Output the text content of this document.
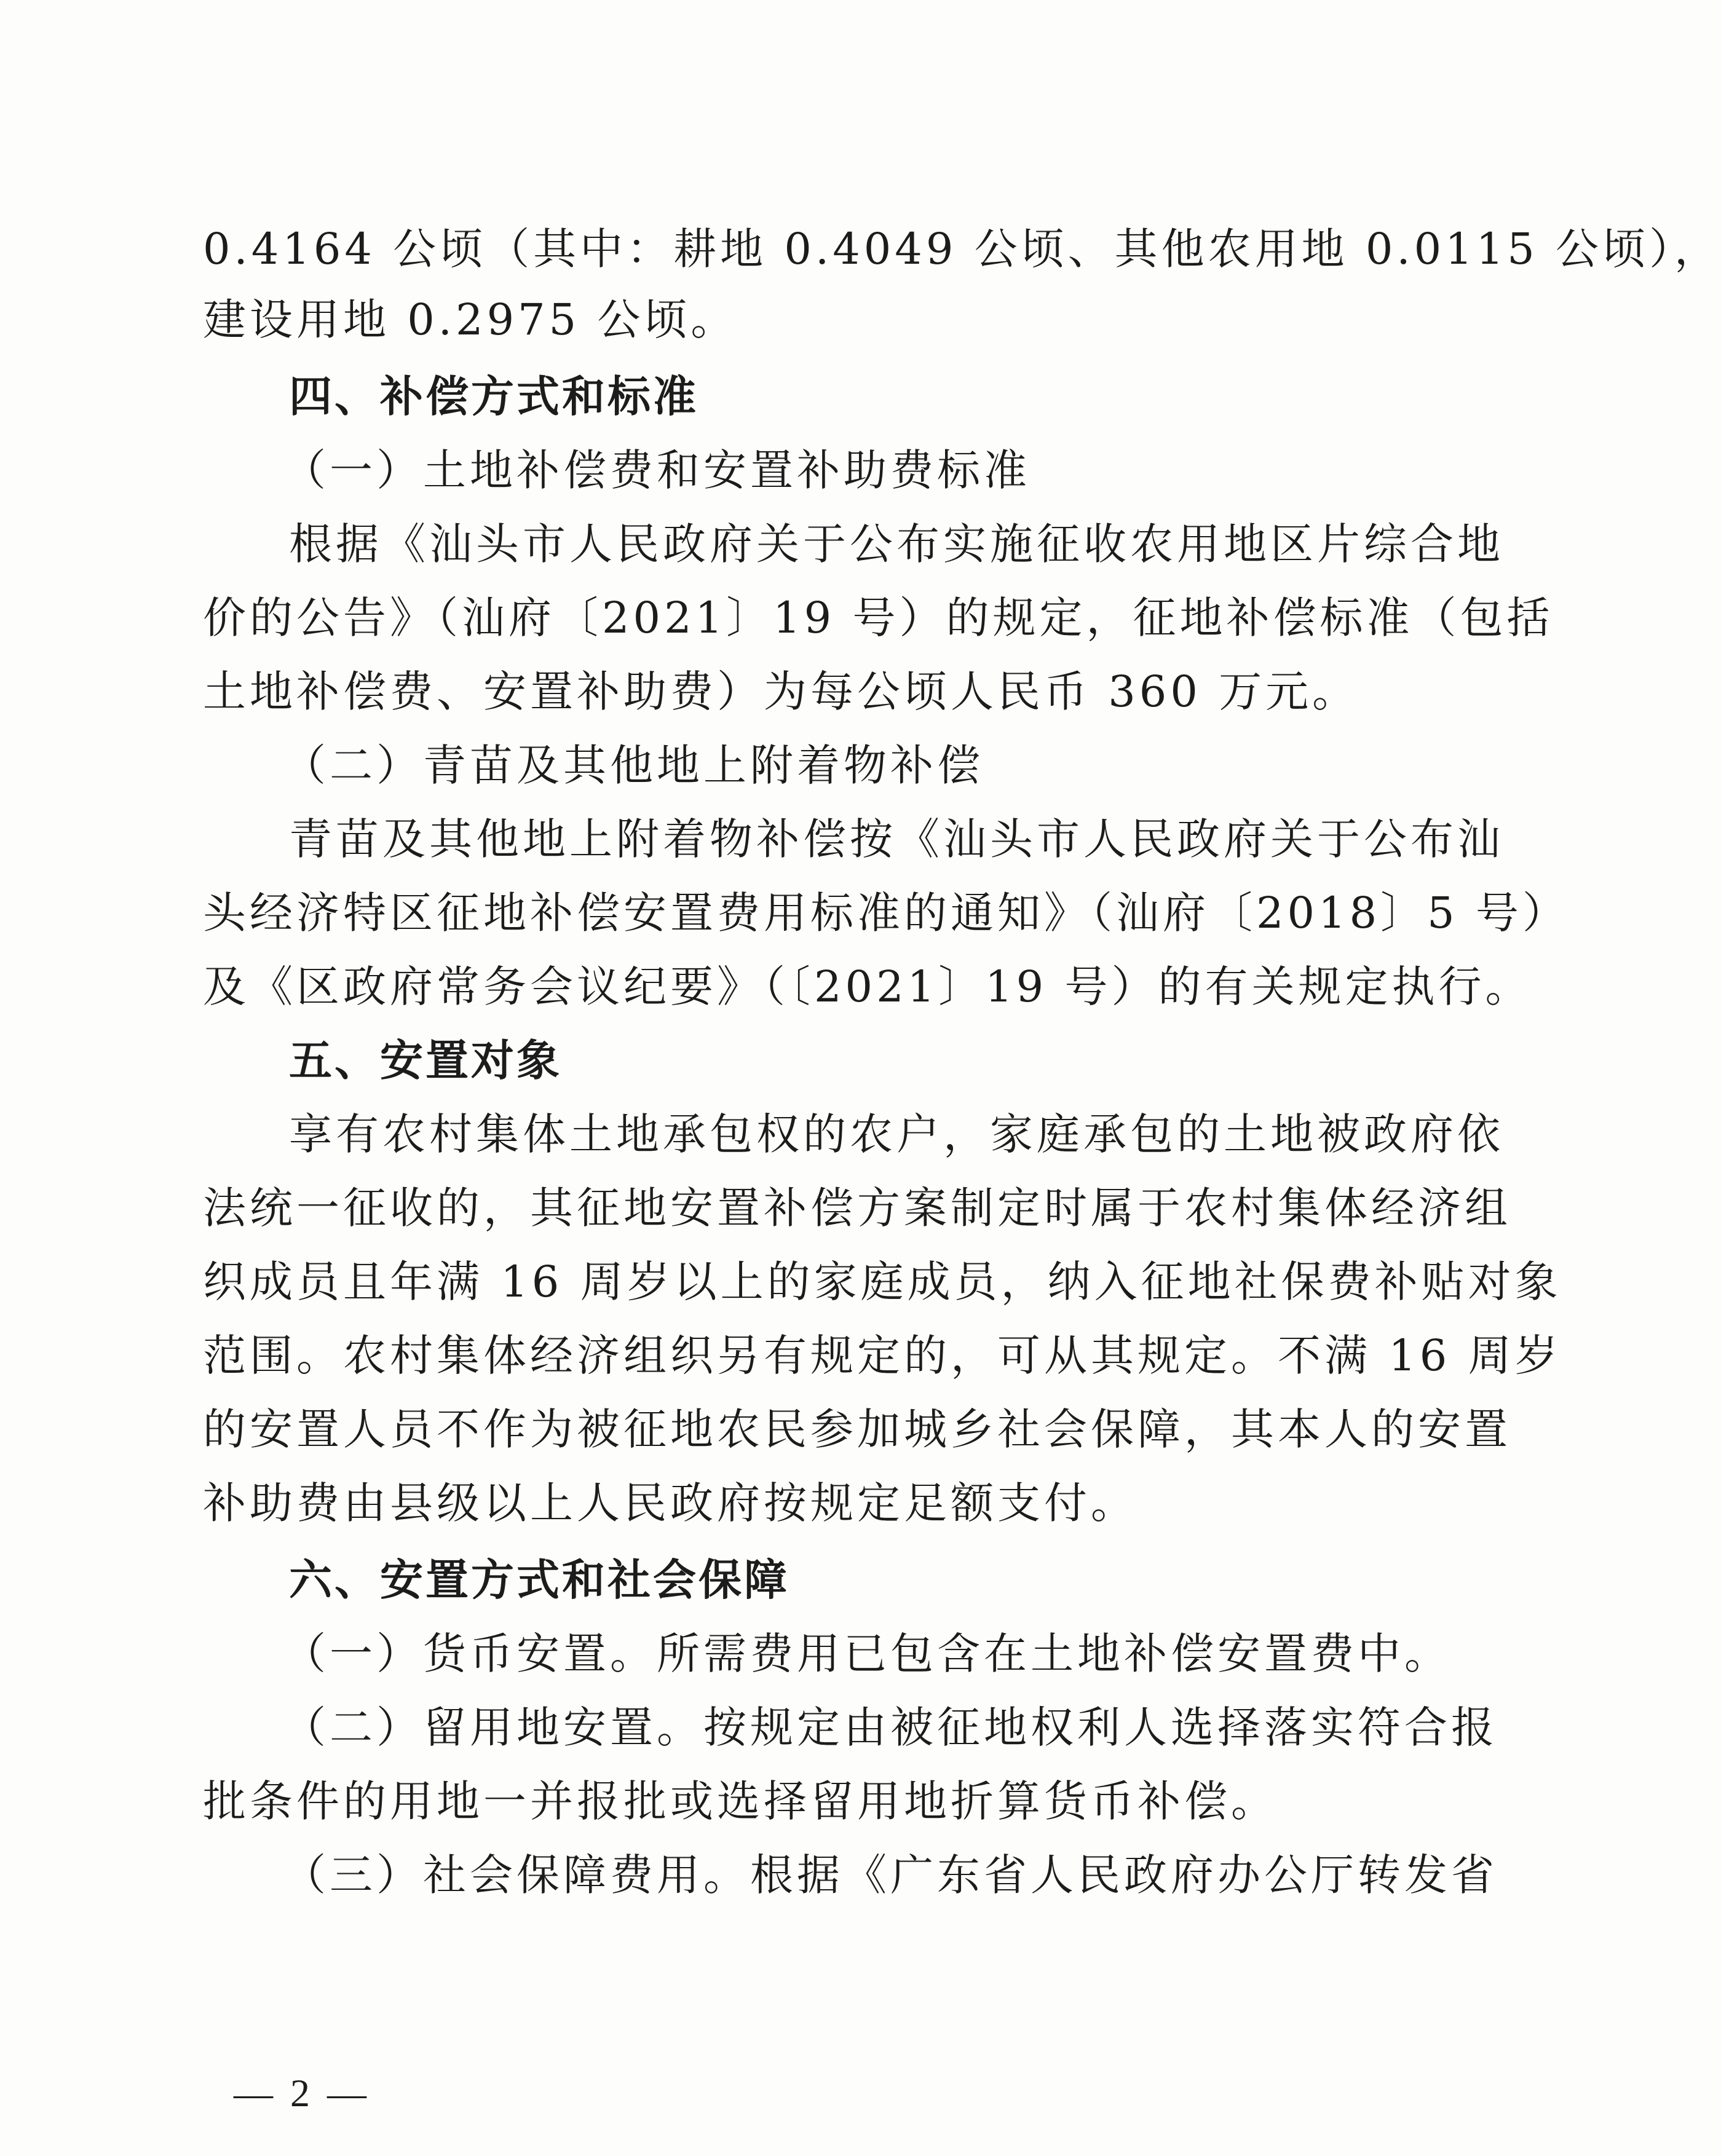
0.4164 公顷（其中：耕地 0.4049 公顷、其他农用地 0.0115 公顷），
建设用地 0.2975 公顷。
四、补偿方式和标准
（一）土地补偿费和安置补助费标准
根据《汕头市人民政府关于公布实施征收农用地区片综合地
价的公告》（汕府〔2021〕19 号）的规定，征地补偿标准（包括
土地补偿费、安置补助费）为每公顷人民币 360 万元。
（二）青苗及其他地上附着物补偿
青苗及其他地上附着物补偿按《汕头市人民政府关于公布汕
头经济特区征地补偿安置费用标准的通知》（汕府〔2018〕5 号）
及《区政府常务会议纪要》（〔2021〕19 号）的有关规定执行。
五、安置对象
享有农村集体土地承包权的农户，家庭承包的土地被政府依
法统一征收的，其征地安置补偿方案制定时属于农村集体经济组
织成员且年满 16 周岁以上的家庭成员，纳入征地社保费补贴对象
范围。农村集体经济组织另有规定的，可从其规定。不满 16 周岁
的安置人员不作为被征地农民参加城乡社会保障，其本人的安置
补助费由县级以上人民政府按规定足额支付。
六、安置方式和社会保障
（一）货币安置。所需费用已包含在土地补偿安置费中。
（二）留用地安置。按规定由被征地权利人选择落实符合报
批条件的用地一并报批或选择留用地折算货币补偿。
（三）社会保障费用。根据《广东省人民政府办公厅转发省
— 2 —
